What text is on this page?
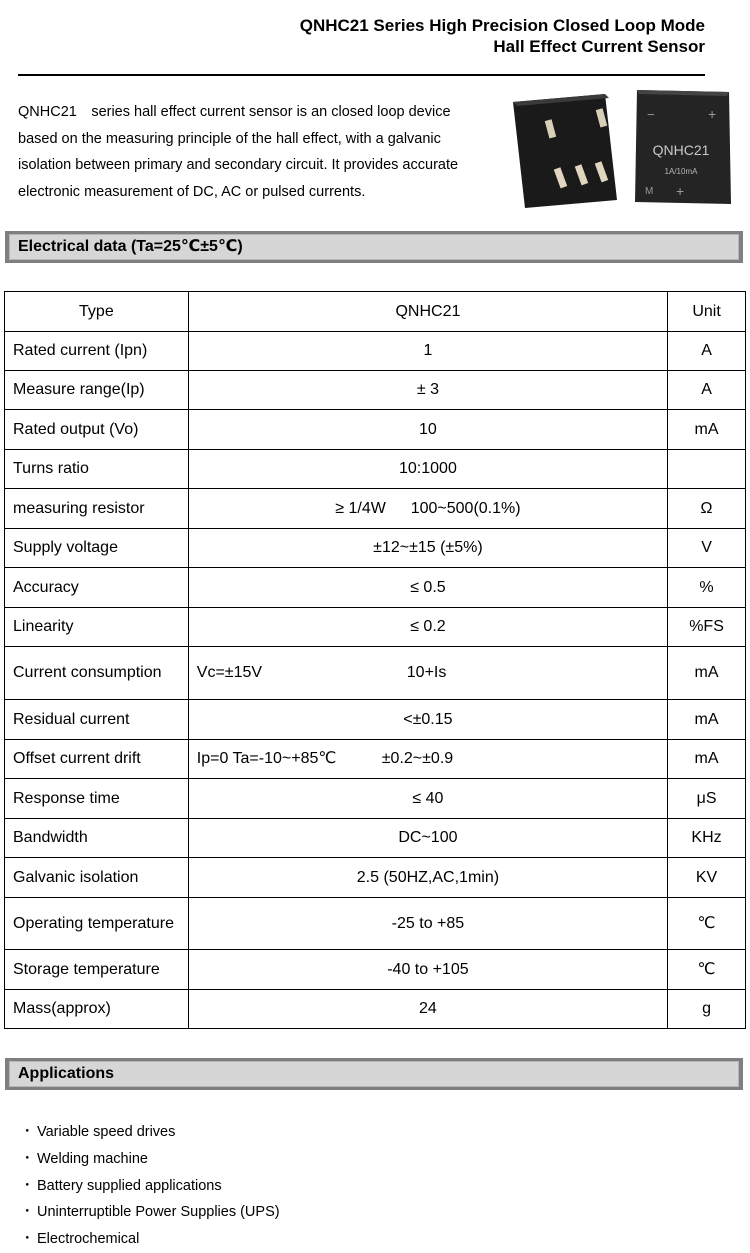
QNHC21 Series High Precision Closed Loop Mode
Hall Effect Current Sensor
QNHC21　series hall effect current sensor is an closed loop device
based on the measuring principle of the hall effect, with a galvanic
isolation between primary and secondary circuit. It provides accurate
electronic measurement of DC, AC or pulsed currents.
QNHC21
1A/10mA
−	+
M +
Electrical data (Ta=25℃±5℃)
Type	QNHC21	Unit
Rated current (Ipn)	1	A
Measure range(Ip)	± 3	A
Rated output (Vo)	10	mA
Turns ratio	10:1000	
measuring resistor	≥ 1/4W　  100~500(0.1%)	Ω
Supply voltage	±12~±15 (±5%)	V
Accuracy	≤ 0.5	%
Linearity	≤ 0.2	%FS
Current consumption	Vc=±15V 10+Is	mA
Residual current	<±0.15	mA
Offset current drift	Ip=0 Ta=-10~+85℃ ±0.2~±0.9	mA
Response time	≤ 40	μS
Bandwidth	DC~100	KHz
Galvanic isolation	2.5 (50HZ,AC,1min)	KV
Operating temperature	-25 to +85	℃
Storage temperature	-40 to +105	℃
Mass(approx)	24	g
Applications
・ Variable speed drives
・ Welding machine
・ Battery supplied applications
・ Uninterruptible Power Supplies (UPS)
・ Electrochemical
